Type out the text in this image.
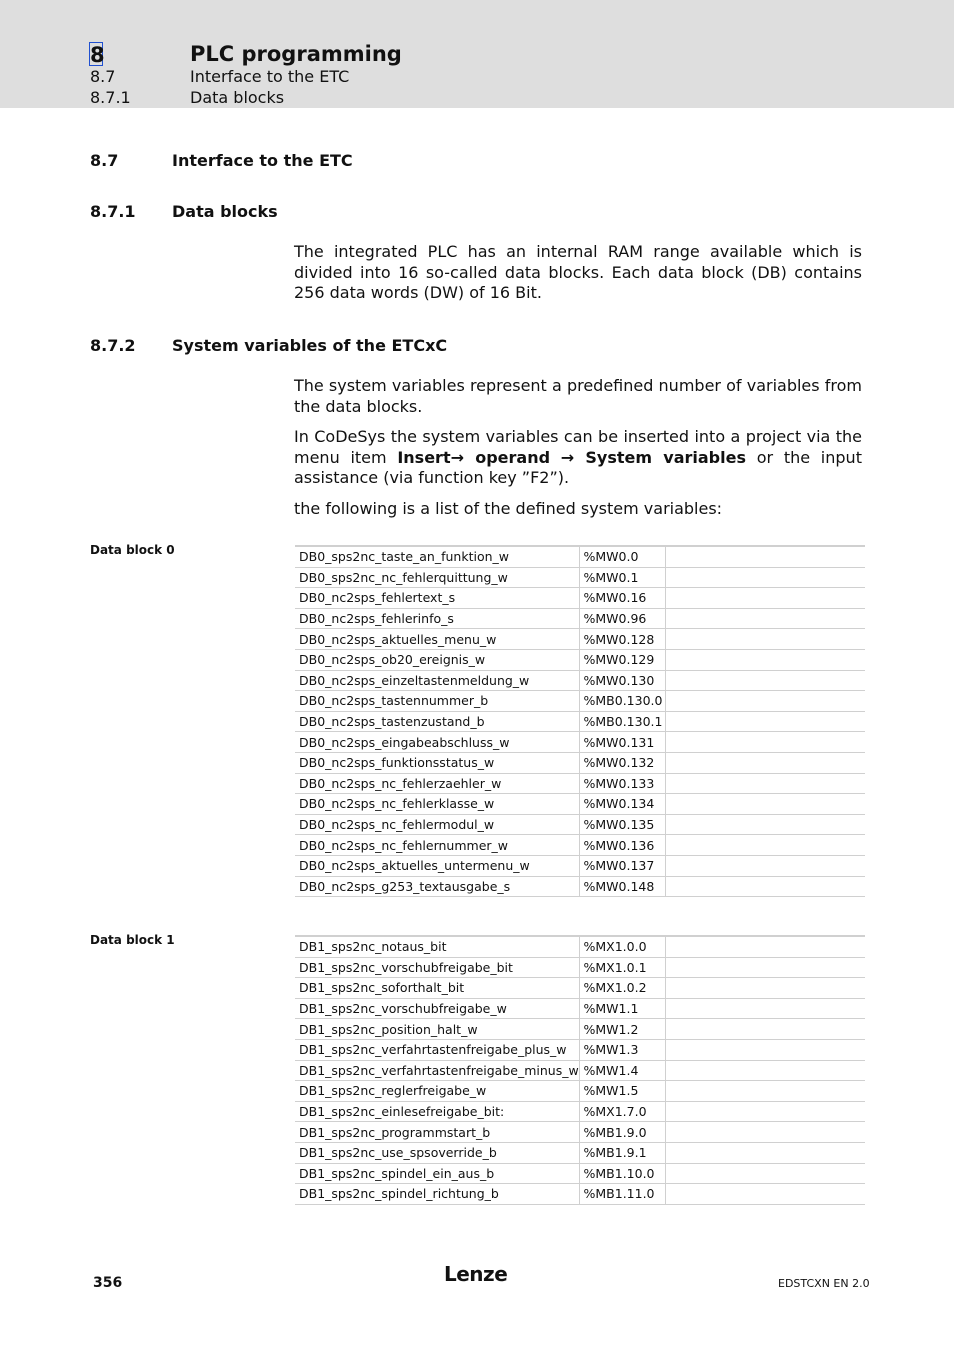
8	PLC programming
8.7	Interface to the ETC
8.7.1	Data blocks
8.7	Interface to the ETC
8.7.1 Data blocks

The integrated PLC has an internal RAM range available which is divided into 16 so-called data blocks. Each data block (DB) contains 256 data words (DW) of 16 Bit.

8.7.2 System variables of the ETCxC

The system variables represent a predefined number of variables from the data blocks.

In CoDeSys the system variables can be inserted into a project via the menu item Insert→ operand → System variables or the input assistance (via function key ”F2”).

the following is a list of the defined system variables:

Data block 0	DB0_sps2nc_taste_an_funktion_w	%MW0.0	
DB0_sps2nc_nc_fehlerquittung_w	%MW0.1	
DB0_nc2sps_fehlertext_s	%MW0.16	
DB0_nc2sps_fehlerinfo_s	%MW0.96	
DB0_nc2sps_aktuelles_menu_w	%MW0.128	
DB0_nc2sps_ob20_ereignis_w	%MW0.129	
DB0_nc2sps_einzeltastenmeldung_w	%MW0.130	
DB0_nc2sps_tastennummer_b	%MB0.130.0	
DB0_nc2sps_tastenzustand_b	%MB0.130.1	
DB0_nc2sps_eingabeabschluss_w	%MW0.131	
DB0_nc2sps_funktionsstatus_w	%MW0.132	
DB0_nc2sps_nc_fehlerzaehler_w	%MW0.133	
DB0_nc2sps_nc_fehlerklasse_w	%MW0.134	
DB0_nc2sps_nc_fehlermodul_w	%MW0.135	
DB0_nc2sps_nc_fehlernummer_w	%MW0.136	
DB0_nc2sps_aktuelles_untermenu_w	%MW0.137	
DB0_nc2sps_g253_textausgabe_s	%MW0.148	
Data block 1	DB1_sps2nc_notaus_bit	%MX1.0.0	
DB1_sps2nc_vorschubfreigabe_bit	%MX1.0.1	
DB1_sps2nc_soforthalt_bit	%MX1.0.2	
DB1_sps2nc_vorschubfreigabe_w	%MW1.1	
DB1_sps2nc_position_halt_w	%MW1.2	
DB1_sps2nc_verfahrtastenfreigabe_plus_w	%MW1.3	
DB1_sps2nc_verfahrtastenfreigabe_minus_w	%MW1.4	
DB1_sps2nc_reglerfreigabe_w	%MW1.5	
DB1_sps2nc_einlesefreigabe_bit:	%MX1.7.0	
DB1_sps2nc_programmstart_b	%MB1.9.0	
DB1_sps2nc_use_spsoverride_b	%MB1.9.1	
DB1_sps2nc_spindel_ein_aus_b	%MB1.10.0	
DB1_sps2nc_spindel_richtung_b	%MB1.11.0	
356	Lenze	EDSTCXN EN 2.0
